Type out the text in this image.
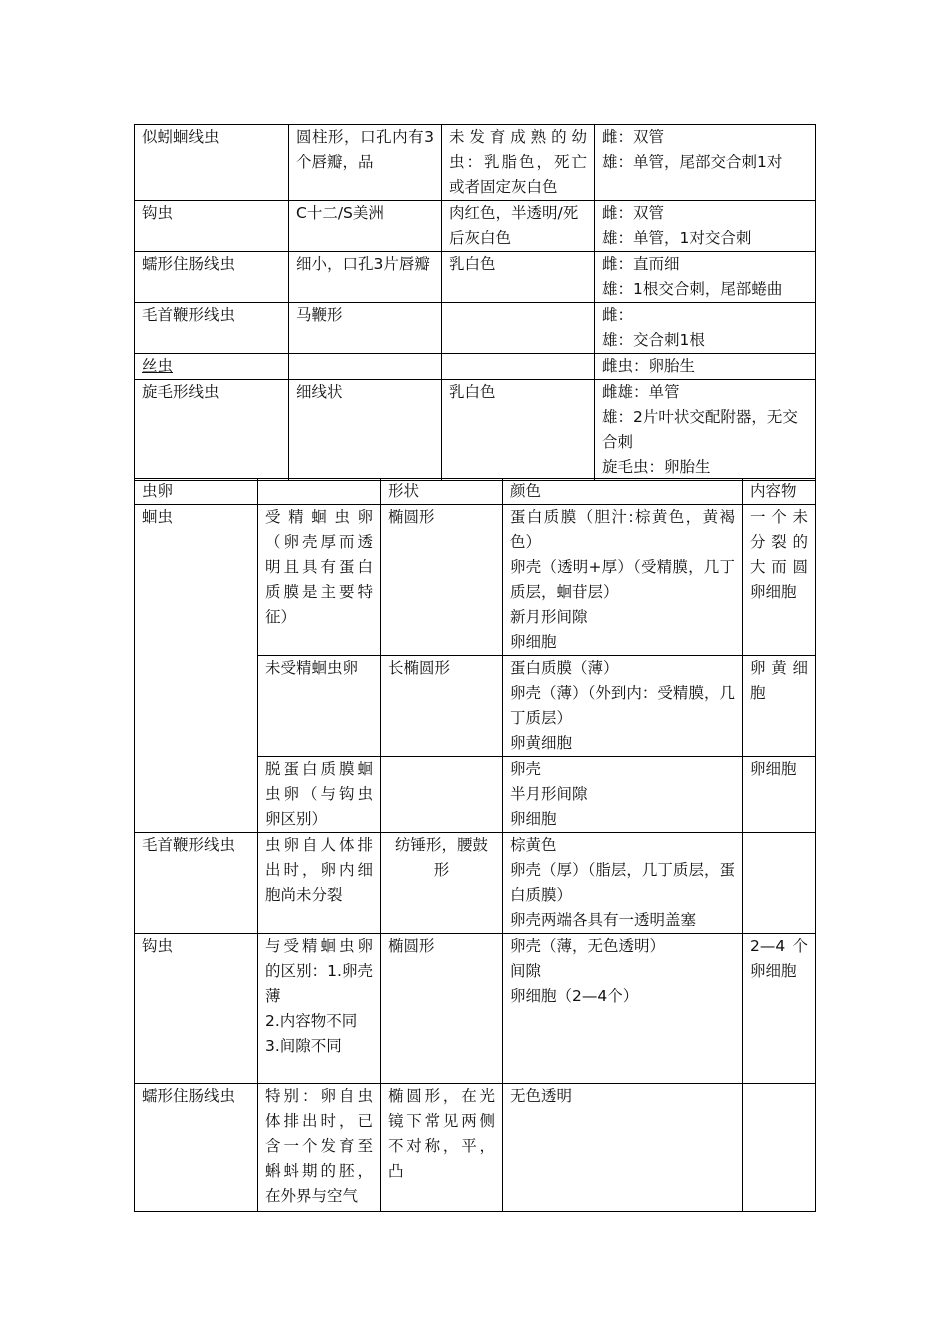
似蚓蛔线虫	圆柱形，口孔内有3个唇瓣，品	未发育成熟的幼虫：乳脂色，死亡或者固定灰白色	雌：双管
雄：单管，尾部交合刺1对

钩虫	C十二/S美洲	肉红色，半透明/死后灰白色	雌：双管
雄：单管，1对交合刺

蠕形住肠线虫	细小，口孔3片唇瓣	乳白色	雌：直而细
雄：1根交合刺，尾部蜷曲

毛首鞭形线虫	马鞭形		雌：
雄：交合刺1根

丝虫			雌虫：卵胎生

旋毛形线虫	细线状	乳白色	雌雄：单管
雄：2片叶状交配附器，无交合刺
旋毛虫：卵胎生
虫卵		形状	颜色	内容物
蛔虫	受精蛔虫卵（卵壳厚而透明且具有蛋白质膜是主要特征）	椭圆形	蛋白质膜（胆汁:棕黄色，黄褐色）
卵壳（透明+厚）（受精膜，几丁质层，蛔苷层）
新月形间隙
卵细胞	一个未分裂的大而圆卵细胞
	未受精蛔虫卵	长椭圆形	蛋白质膜（薄）
卵壳（薄）（外到内：受精膜，几丁质层）
卵黄细胞	卵黄细胞
	脱蛋白质膜蛔虫卵（与钩虫卵区别）		卵壳
半月形间隙
卵细胞	卵细胞
毛首鞭形线虫	虫卵自人体排出时，卵内细胞尚未分裂	纺锤形，腰鼓形	棕黄色
卵壳（厚）（脂层，几丁质层，蛋白质膜）
卵壳两端各具有一透明盖塞	

钩虫	与受精蛔虫卵的区别：1.卵壳薄
2.内容物不同
3.间隙不同	椭圆形	卵壳（薄，无色透明）
间隙
卵细胞（2—4个）	2—4个卵细胞
蠕形住肠线虫	特别：卵自虫体排出时，已含一个发育至蝌蚪期的胚，在外界与空气	椭圆形，在光镜下常见两侧不对称，平，凸	无色透明	
